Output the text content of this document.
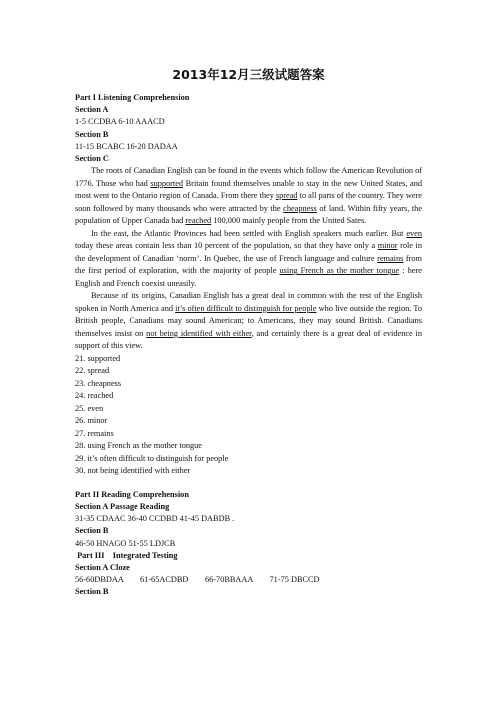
2013年12月三级试题答案
Part I Listening Comprehension
Section A
1-5 CCDBA 6-10 AAACD
Section B
11-15 BCABC 16-20 DADAA
Section C

The roots of Canadian English can be found in the events which follow the American Revolution of 1776. Those who had supported Britain found themselves unable to stay in the new United States, and most went to the Ontario region of Canada. From there they spread to all parts of the country. They were soon followed by many thousands who were attracted by the cheapness of land. Within fifty years, the population of Upper Canada had reached 100,000 mainly people from the United Sates.

In the east, the Atlantic Provinces had been settled with English speakers much earlier. But even today these areas contain less than 10 percent of the population, so that they have only a minor role in the development of Canadian ‘norm’. In Quebec, the use of French language and culture remains from the first period of exploration, with the majority of people using French as the mother tongue : here English and French coexist uneasily.

Because of its origins, Canadian English has a great deal in common with the rest of the English spoken in North America and it’s often difficult to distinguish for people who live outside the region. To British people, Canadians may sound American; to Americans, they may sound British. Canadians themselves insist on not being identified with either, and certainly there is a great deal of evidence in support of this view.

21. supported
22. spread
23. cheapness
24. reached
25. even
26. minor
27. remains
28. using French as the mother tongue
29. it’s often difficult to distinguish for people
30. not being identified with either
Part II Reading Comprehension
Section A Passage Reading
31-35 CDAAC 36-40 CCDBD 41-45 DABDB .
Section B
46-50 HNAGO 51-55 LDJCB
Part III    Integrated Testing
Section A Cloze
56-60DBDAA        61-65ACDBD        66-70BBAAA        71-75 DBCCD
Section B
